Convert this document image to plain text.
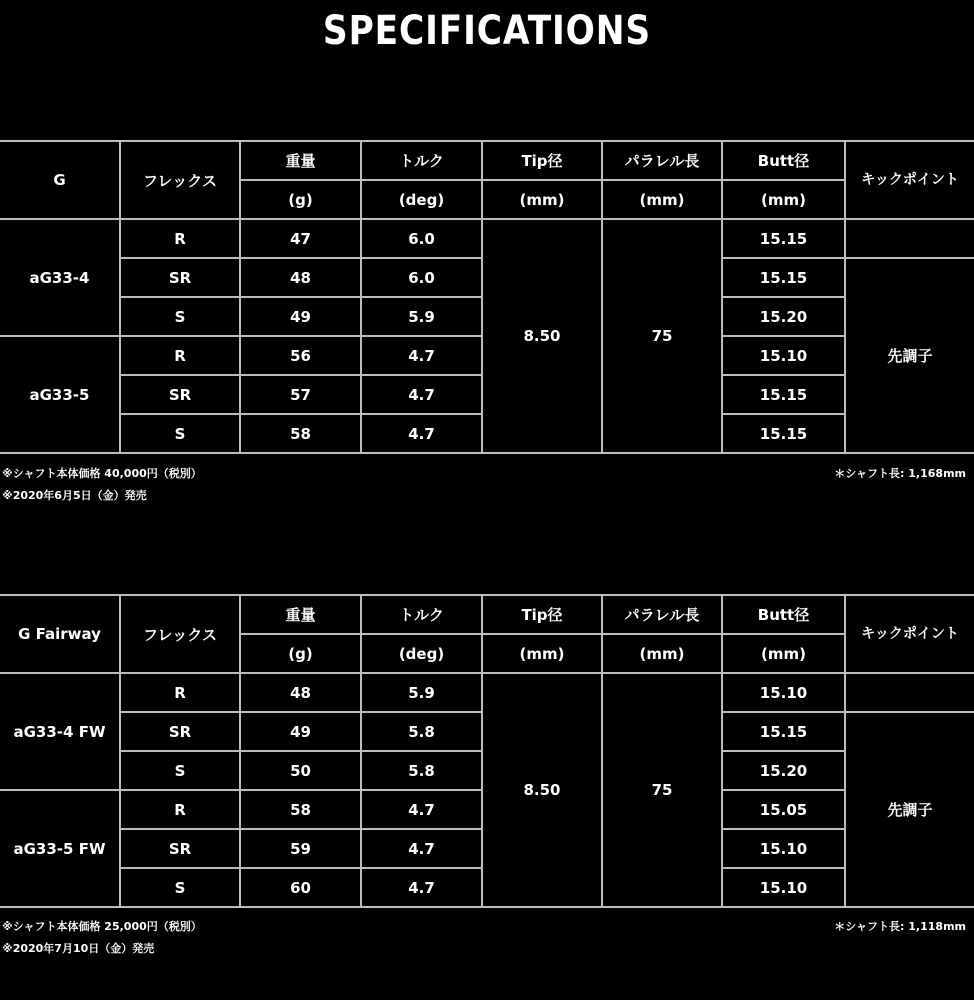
SPECIFICATIONS
G	フレックス	重量	トルク	Tip径	パラレル長	Butt径	キックポイント
		(g)	(deg)	(mm)	(mm)	(mm)	
aG33-4	R	47	6.0	8.50	75	15.15	
	SR	48	6.0			15.15	先調子
	S	49	5.9			15.20	
aG33-5	R	56	4.7			15.10	
	SR	57	4.7			15.15	
	S	58	4.7			15.15	
※シャフト本体価格 40,000円（税別）
※2020年6月5日（金）発売
＊シャフト長: 1,168mm
G Fairway	フレックス	重量	トルク	Tip径	パラレル長	Butt径	キックポイント
		(g)	(deg)	(mm)	(mm)	(mm)	
aG33-4 FW	R	48	5.9	8.50	75	15.10	
	SR	49	5.8			15.15	先調子
	S	50	5.8			15.20	
aG33-5 FW	R	58	4.7			15.05	
	SR	59	4.7			15.10	
	S	60	4.7			15.10	
※シャフト本体価格 25,000円（税別）
※2020年7月10日（金）発売
＊シャフト長: 1,118mm
